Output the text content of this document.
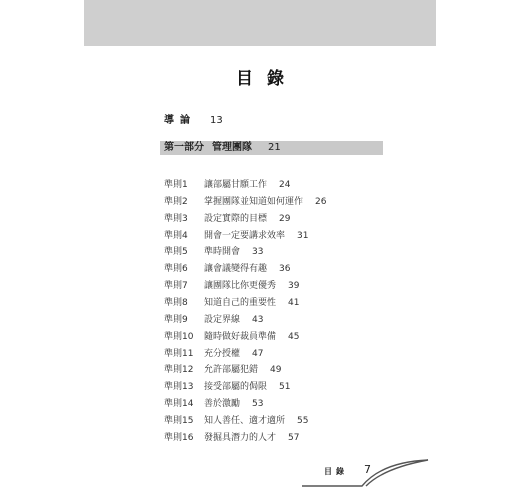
目錄
導論 13
第一部分 管理團隊 21
準則1 讓部屬甘願工作 24
準則2 掌握團隊並知道如何運作 26
準則3 設定實際的目標 29
準則4 開會一定要講求效率 31
準則5 準時開會 33
準則6 讓會議變得有趣 36
準則7 讓團隊比你更優秀 39
準則8 知道自己的重要性 41
準則9 設定界線 43
準則10 隨時做好裁員準備 45
準則11 充分授權 47
準則12 允許部屬犯錯 49
準則13 接受部屬的侷限 51
準則14 善於激勵 53
準則15 知人善任、適才適所 55
準則16 發掘具潛力的人才 57
目錄 7
